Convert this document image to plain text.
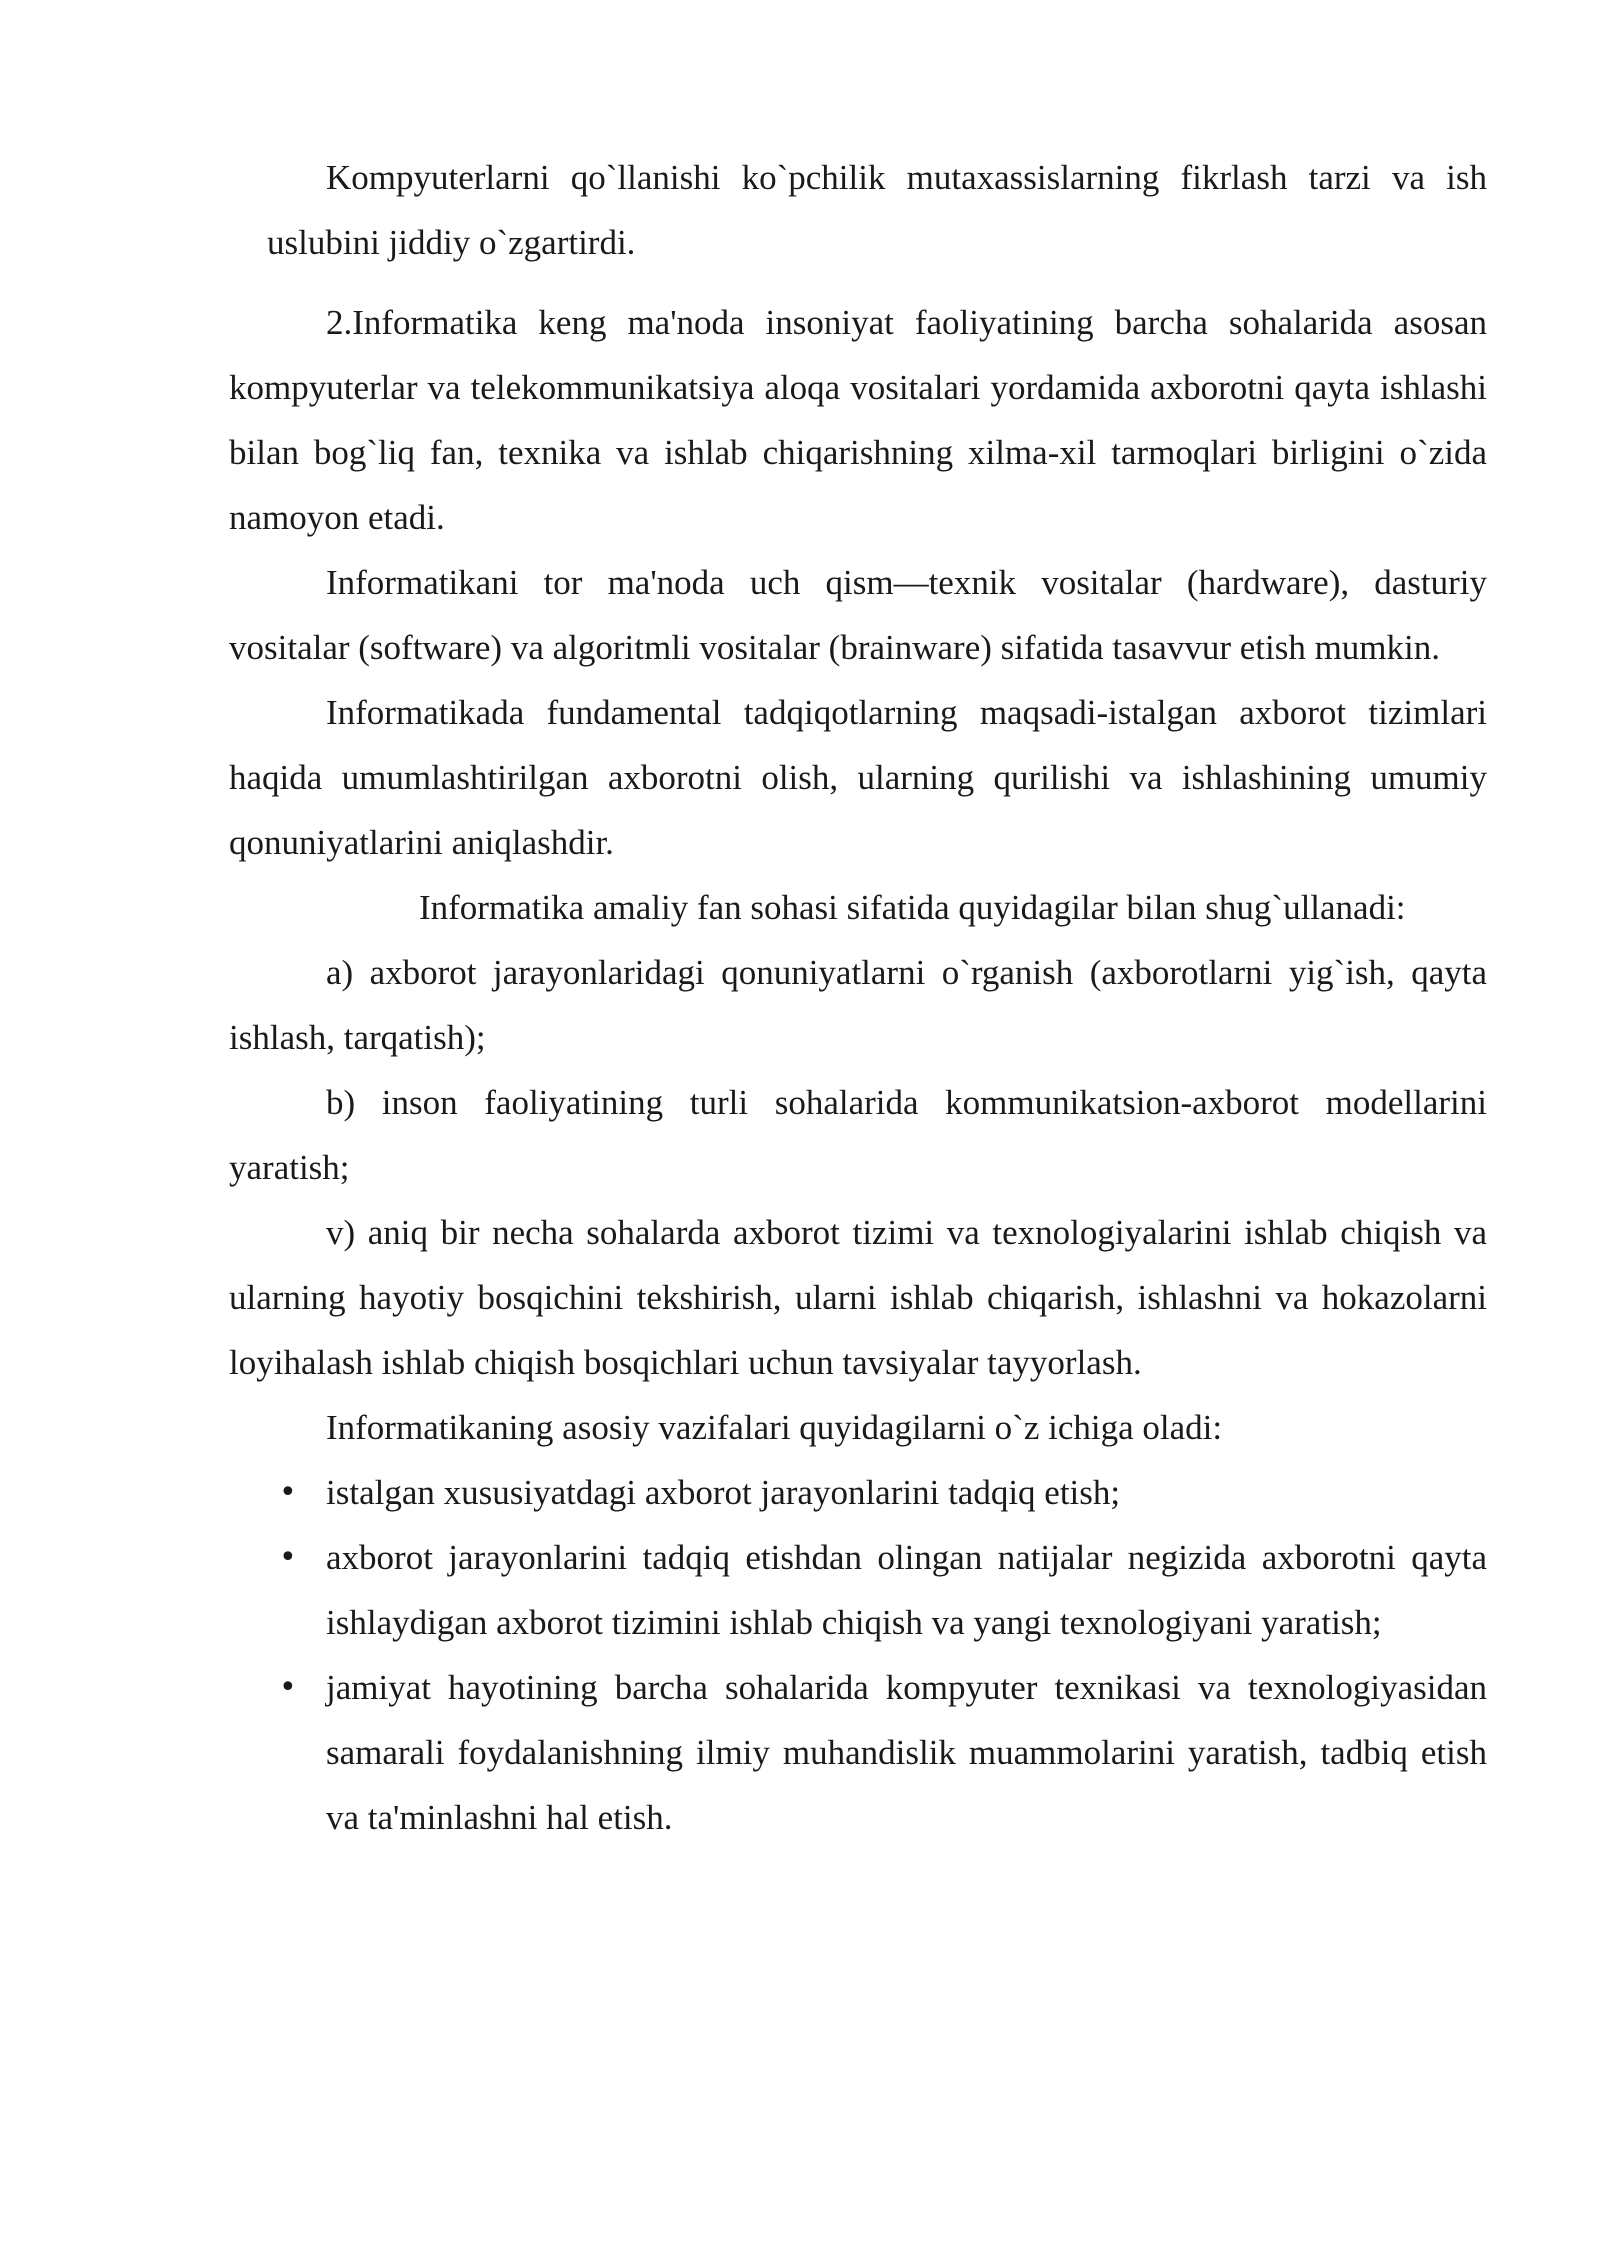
Kompyuterlarni qo`llanishi ko`pchilik mutaxassislarning fikrlash tarzi va ish uslubini jiddiy o`zgartirdi.

2.Informatika keng ma'noda insoniyat faoliyatining barcha sohalarida asosan kompyuterlar va telekommunikatsiya aloqa vositalari yordamida axborotni qayta ishlashi bilan bog`liq fan, texnika va ishlab chiqarishning xilma-xil tarmoqlari birligini o`zida namoyon etadi.

Informatikani tor ma'noda uch qism—texnik vositalar (hardware), dasturiy vositalar (software) va algoritmli vositalar (brainware) sifatida tasavvur etish mumkin.

Informatikada fundamental tadqiqotlarning maqsadi-istalgan axborot tizimlari haqida umumlashtirilgan axborotni olish, ularning qurilishi va ishlashining umumiy qonuniyatlarini aniqlashdir.

Informatika amaliy fan sohasi sifatida quyidagilar bilan shug`ullanadi:

a) axborot jarayonlaridagi qonuniyatlarni o`rganish (axborotlarni yig`ish, qayta ishlash, tarqatish);

b) inson faoliyatining turli sohalarida kommunikatsion-axborot modellarini yaratish;

v) aniq bir necha sohalarda axborot tizimi va texnologiyalarini ishlab chiqish va ularning hayotiy bosqichini tekshirish, ularni ishlab chiqarish, ishlashni va hokazolarni loyihalash ishlab chiqish bosqichlari uchun tavsiyalar tayyorlash.

Informatikaning asosiy vazifalari quyidagilarni o`z ichiga oladi:

• istalgan xususiyatdagi axborot jarayonlarini tadqiq etish;
• axborot jarayonlarini tadqiq etishdan olingan natijalar negizida axborotni qayta ishlaydigan axborot tizimini ishlab chiqish va yangi texnologiyani yaratish;
• jamiyat hayotining barcha sohalarida kompyuter texnikasi va texnologiyasidan samarali foydalanishning ilmiy muhandislik muammolarini yaratish, tadbiq etish va ta'minlashni hal etish.
